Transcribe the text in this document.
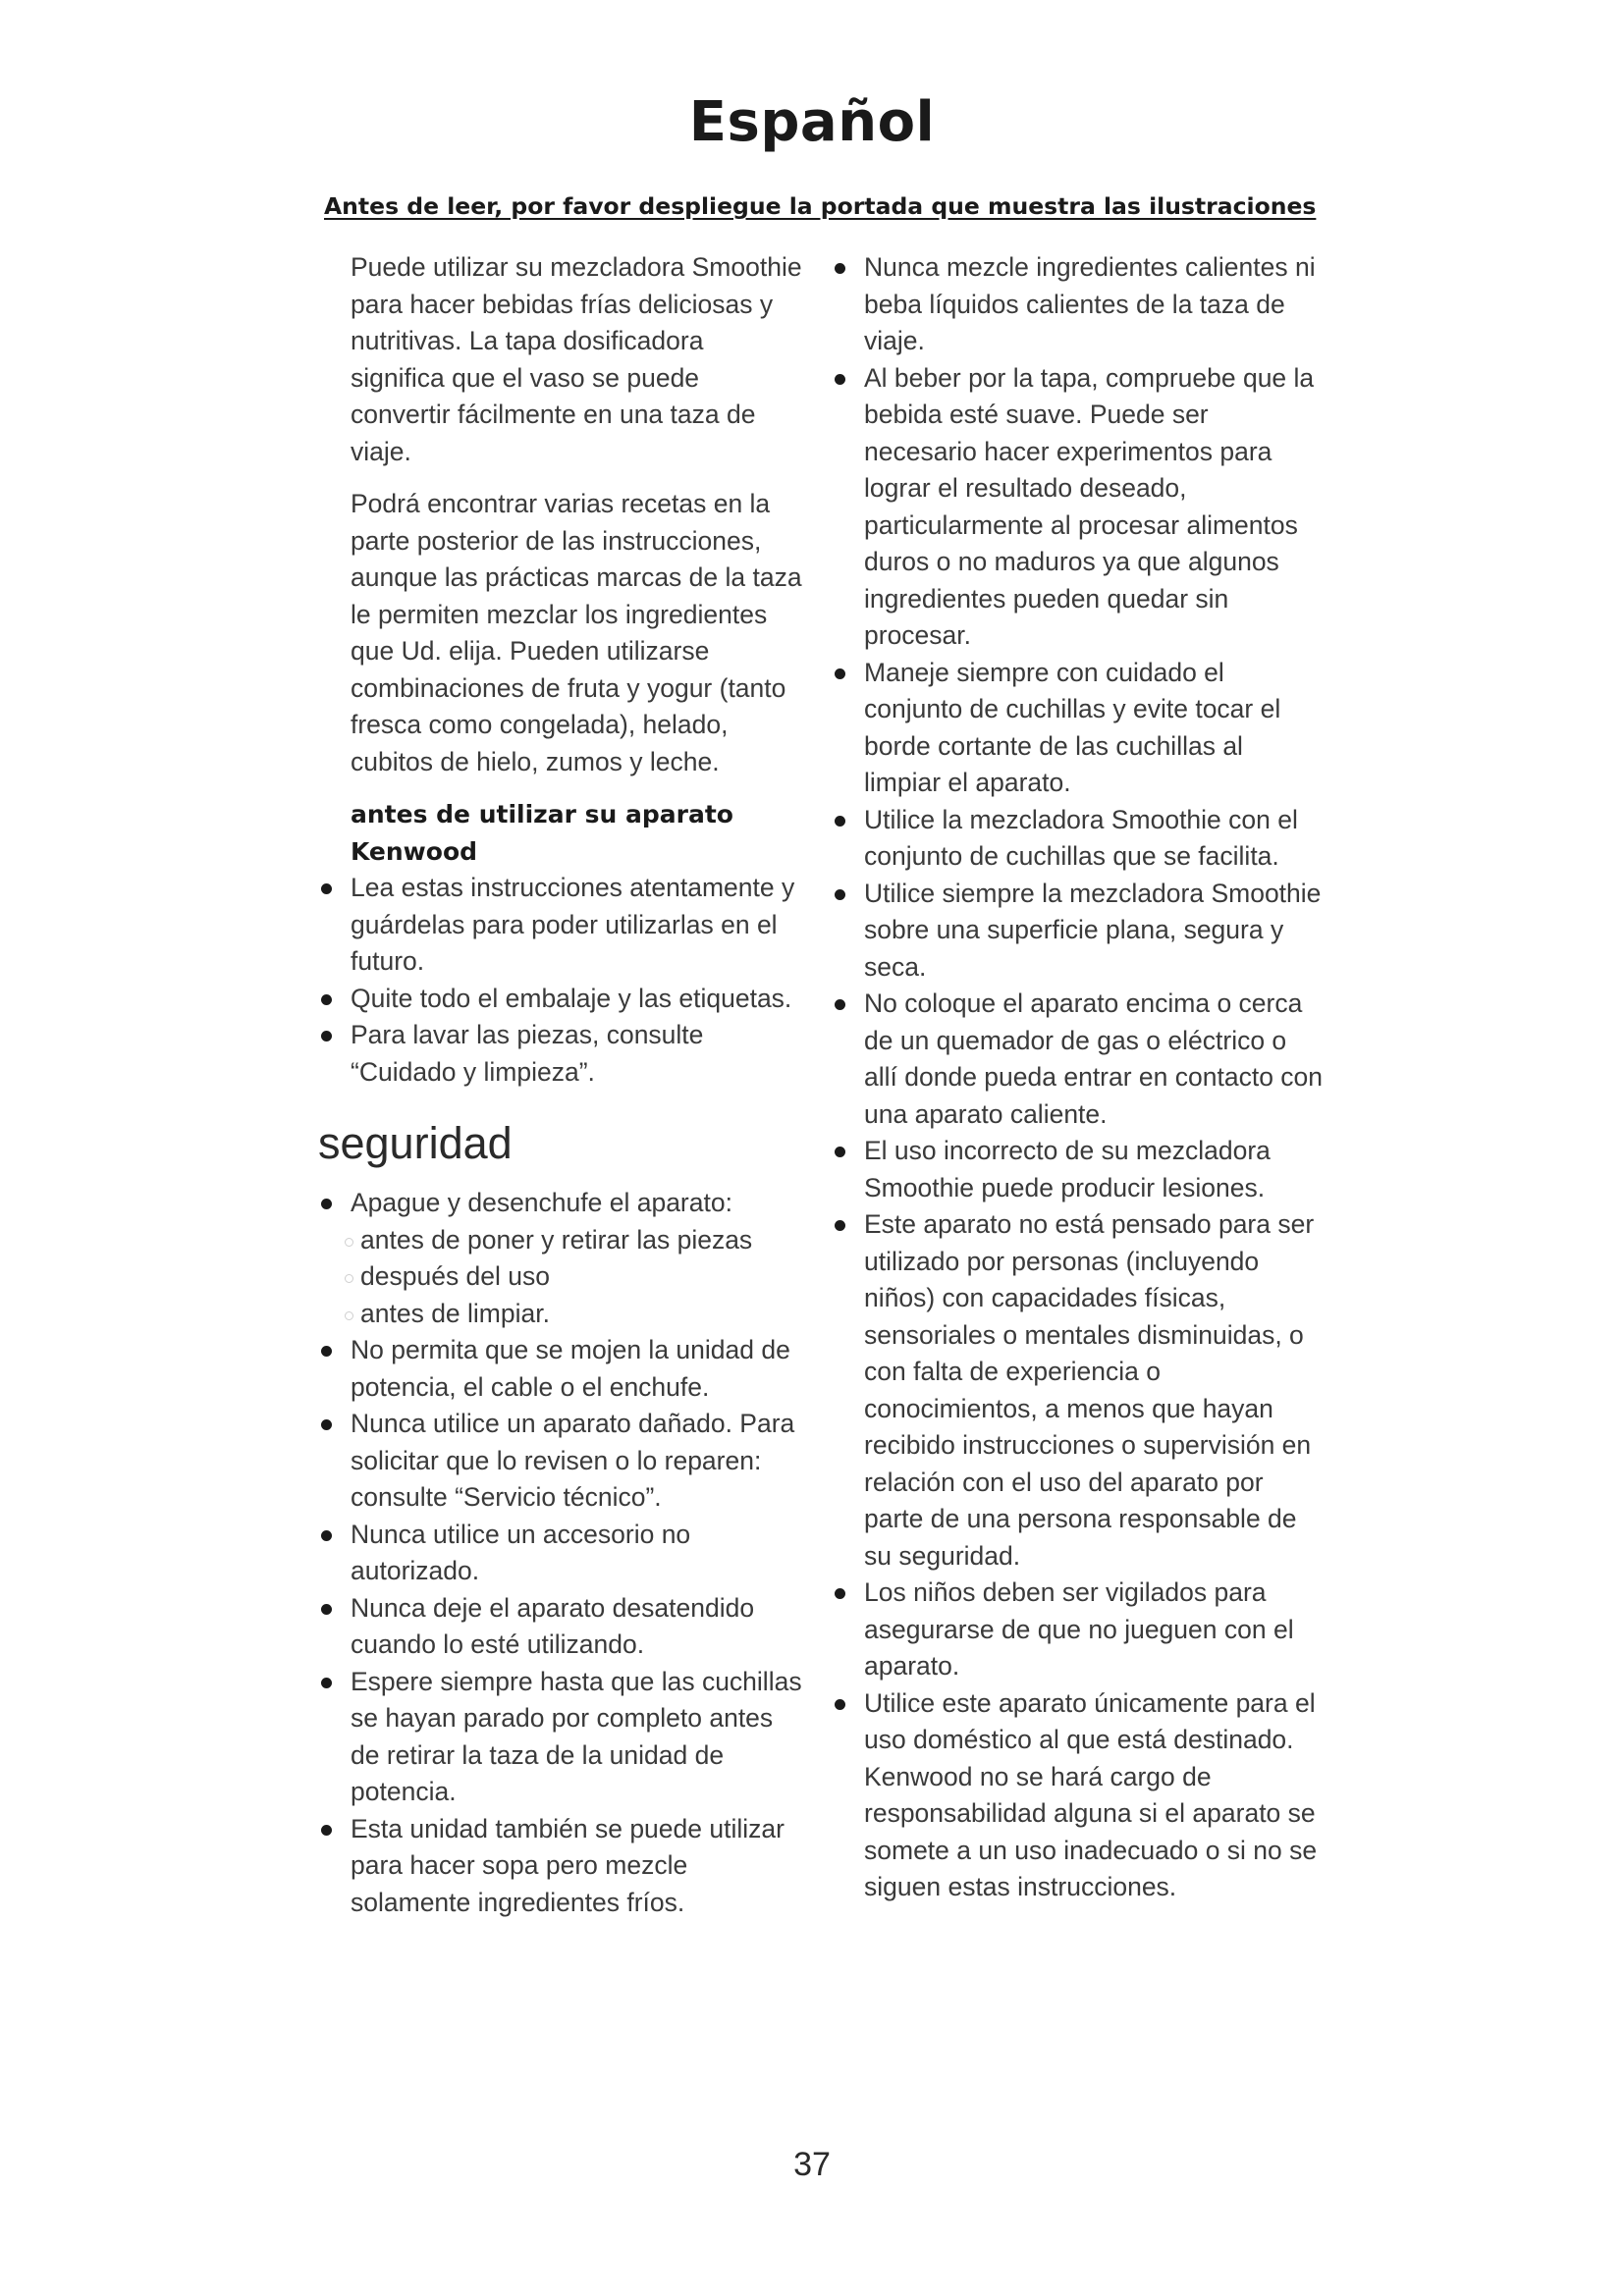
Español
Antes de leer, por favor despliegue la portada que muestra las ilustraciones

Puede utilizar su mezcladora Smoothie para hacer bebidas frías deliciosas y nutritivas. La tapa dosificadora significa que el vaso se puede convertir fácilmente en una taza de viaje.

Podrá encontrar varias recetas en la parte posterior de las instrucciones, aunque las prácticas marcas de la taza le permiten mezclar los ingredientes que Ud. elija. Pueden utilizarse combinaciones de fruta y yogur (tanto fresca como congelada), helado, cubitos de hielo, zumos y leche.

antes de utilizar su aparato Kenwood
Lea estas instrucciones atentamente y guárdelas para poder utilizarlas en el futuro.
Quite todo el embalaje y las etiquetas.
Para lavar las piezas, consulte “Cuidado y limpieza”.
seguridad
Apague y desenchufe el aparato:
antes de poner y retirar las piezas
después del uso
antes de limpiar.
No permita que se mojen la unidad de potencia, el cable o el enchufe.
Nunca utilice un aparato dañado. Para solicitar que lo revisen o lo reparen: consulte “Servicio técnico”.
Nunca utilice un accesorio no autorizado.
Nunca deje el aparato desatendido cuando lo esté utilizando.
Espere siempre hasta que las cuchillas se hayan parado por completo antes de retirar la taza de la unidad de potencia.
Esta unidad también se puede utilizar para hacer sopa pero mezcle solamente ingredientes fríos.
Nunca mezcle ingredientes calientes ni beba líquidos calientes de la taza de viaje.
Al beber por la tapa, compruebe que la bebida esté suave. Puede ser necesario hacer experimentos para lograr el resultado deseado, particularmente al procesar alimentos duros o no maduros ya que algunos ingredientes pueden quedar sin procesar.
Maneje siempre con cuidado el conjunto de cuchillas y evite tocar el borde cortante de las cuchillas al limpiar el aparato.
Utilice la mezcladora Smoothie con el conjunto de cuchillas que se facilita.
Utilice siempre la mezcladora Smoothie sobre una superficie plana, segura y seca.
No coloque el aparato encima o cerca de un quemador de gas o eléctrico o allí donde pueda entrar en contacto con una aparato caliente.
El uso incorrecto de su mezcladora Smoothie puede producir lesiones.
Este aparato no está pensado para ser utilizado por personas (incluyendo niños) con capacidades físicas, sensoriales o mentales disminuidas, o con falta de experiencia o conocimientos, a menos que hayan recibido instrucciones o supervisión en relación con el uso del aparato por parte de una persona responsable de su seguridad.
Los niños deben ser vigilados para asegurarse de que no jueguen con el aparato.
Utilice este aparato únicamente para el uso doméstico al que está destinado. Kenwood no se hará cargo de responsabilidad alguna si el aparato se somete a un uso inadecuado o si no se siguen estas instrucciones.
37
